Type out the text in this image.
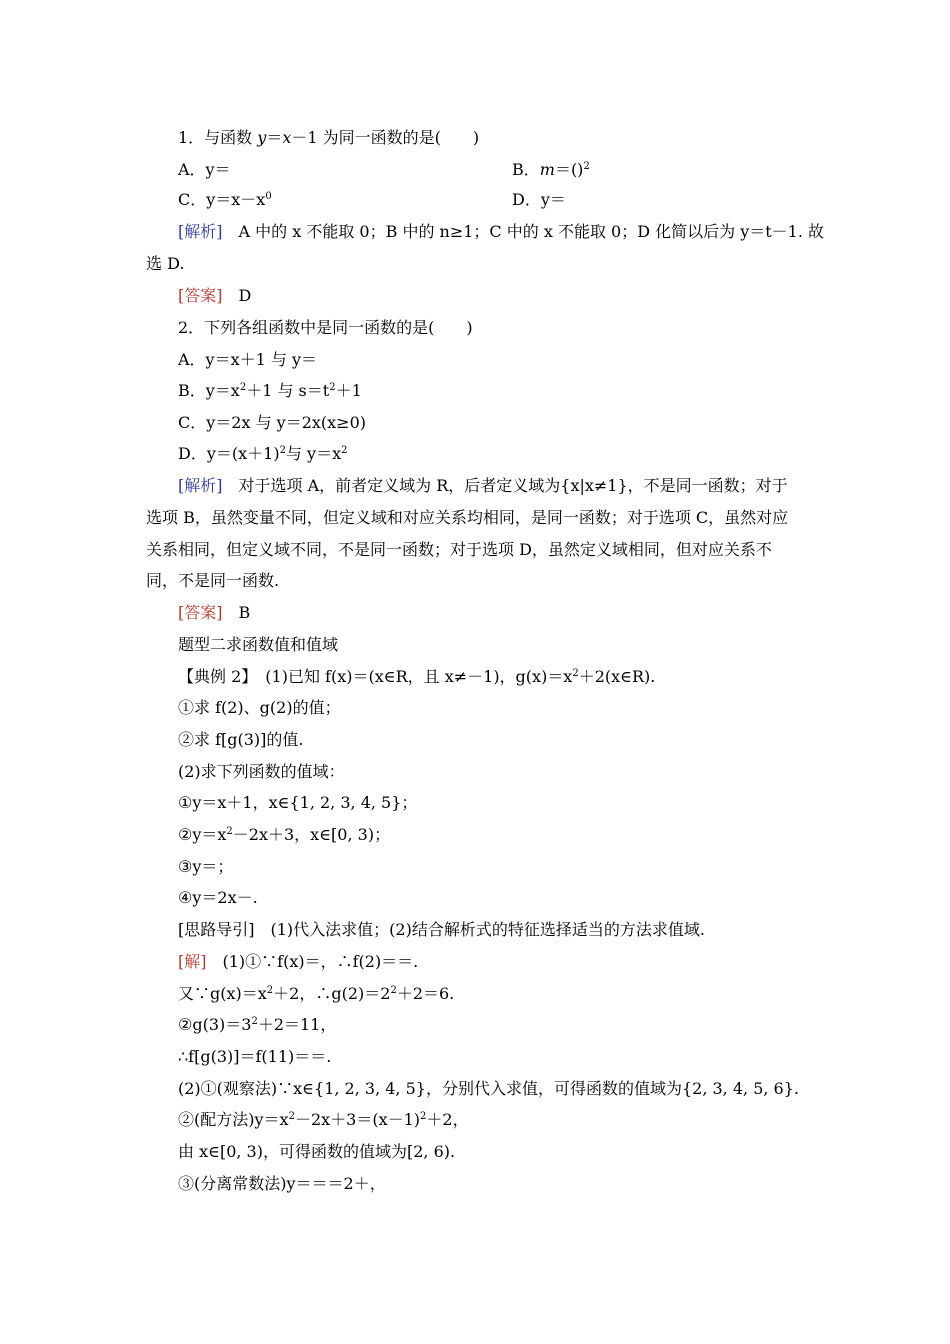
1．与函数 y＝x－1 为同一函数的是(　　)
A．y＝	B．m＝()$^2$
C．$y=x-x^0$	D．y＝
[解析]　A 中的 x 不能取 0；B 中的 n≥1；C 中的 x 不能取 0；D 化简以后为 y＝t－1. 故
选 D.
[答案]　D
2．下列各组函数中是同一函数的是(　　)
A．y＝x＋1 与 y＝
B．$y=x^2+1$ 与 $s=t^2+1$
C．y＝2x 与 y＝2x(x≥0)
D．$y=(x+1)^2$与 $y=x^2$
[解析]　对于选项 A，前者定义域为 R，后者定义域为{x|x≠1}，不是同一函数；对于
选项 B，虽然变量不同，但定义域和对应关系均相同，是同一函数；对于选项 C，虽然对应
关系相同，但定义域不同，不是同一函数；对于选项 D，虽然定义域相同，但对应关系不
同，不是同一函数.
[答案]　B
题型二求函数值和值域
【典例 2】　(1)已知 f(x)＝(x∈R，且 x≠－1)，$g(x)=x^2+2(x\in R)$.
①求 f(2)、g(2)的值；
②求 f[g(3)]的值.
(2)求下列函数的值域：
①y＝x＋1，x∈{1, 2, 3, 4, 5}；
$②y=x^2-2x+3$，x∈[0, 3)；
③y＝；
④y＝2x－.
[思路导引]　(1)代入法求值；(2)结合解析式的特征选择适当的方法求值域.
[解]　(1)①∵f(x)＝，∴f(2)＝＝.
又$\because g(x)=x^2+2$，$\therefore g(2)=2^2+2=6$.
$②g(3)=3^2+2=11$，
∴f[g(3)]＝f(11)＝＝.
(2)①(观察法)∵x∈{1, 2, 3, 4, 5}，分别代入求值，可得函数的值域为{2, 3, 4, 5, 6}.
②(配方法)$y=x^2-2x+3=(x-1)^2+2$，
由 x∈[0, 3)，可得函数的值域为[2, 6).
③(分离常数法)y＝＝＝2＋，
